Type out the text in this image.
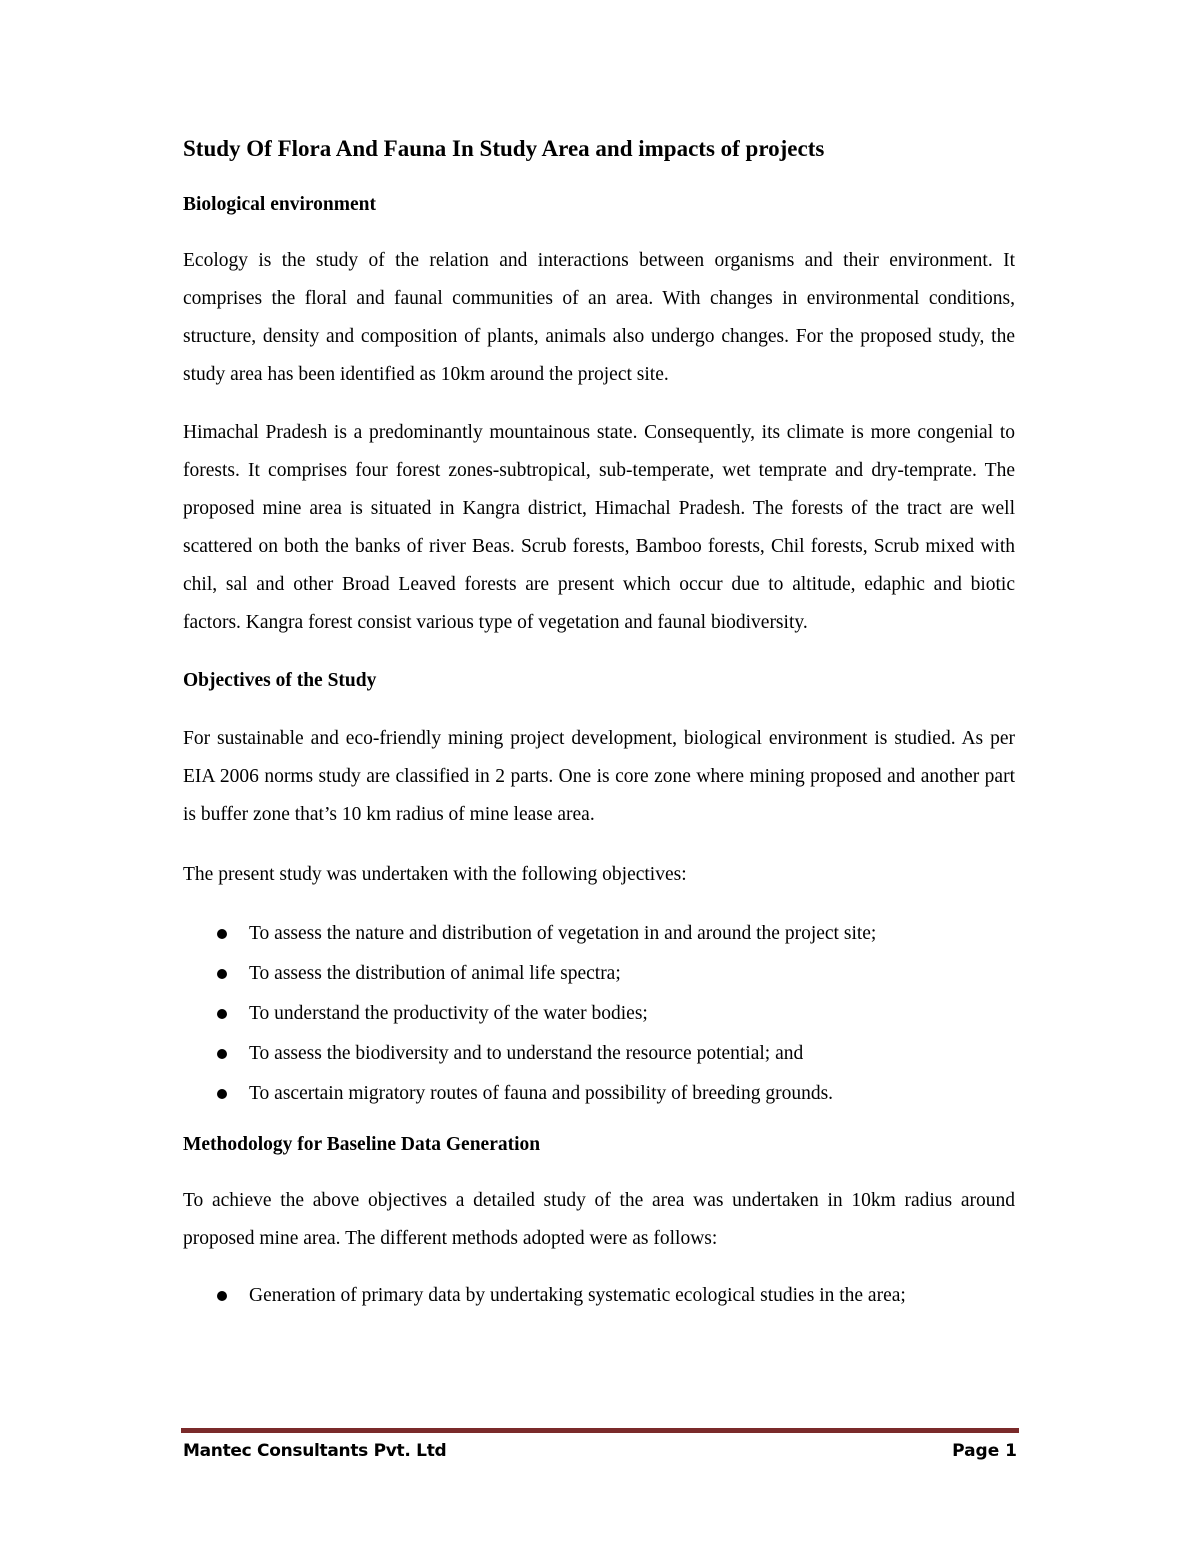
Study Of Flora And Fauna In Study Area and impacts of projects
Biological environment

Ecology is the study of the relation and interactions between organisms and their environment. It comprises the floral and faunal communities of an area. With changes in environmental conditions, structure, density and composition of plants, animals also undergo changes. For the proposed study, the study area has been identified as 10km around the project site.

Himachal Pradesh is a predominantly mountainous state. Consequently, its climate is more congenial to forests. It comprises four forest zones-subtropical, sub-temperate, wet temprate and dry-temprate. The proposed mine area is situated in Kangra district, Himachal Pradesh. The forests of the tract are well scattered on both the banks of river Beas. Scrub forests, Bamboo forests, Chil forests, Scrub mixed with chil, sal and other Broad Leaved forests are present which occur due to altitude, edaphic and biotic factors. Kangra forest consist various type of vegetation and faunal biodiversity.

Objectives of the Study

For sustainable and eco-friendly mining project development, biological environment is studied. As per EIA 2006 norms study are classified in 2 parts. One is core zone where mining proposed and another part is buffer zone that’s 10 km radius of mine lease area.

The present study was undertaken with the following objectives:

To assess the nature and distribution of vegetation in and around the project site;
To assess the distribution of animal life spectra;
To understand the productivity of the water bodies;
To assess the biodiversity and to understand the resource potential; and
To ascertain migratory routes of fauna and possibility of breeding grounds.
Methodology for Baseline Data Generation

To achieve the above objectives a detailed study of the area was undertaken in 10km radius around proposed mine area. The different methods adopted were as follows:

Generation of primary data by undertaking systematic ecological studies in the area;
Mantec Consultants Pvt. Ltd	Page 1
